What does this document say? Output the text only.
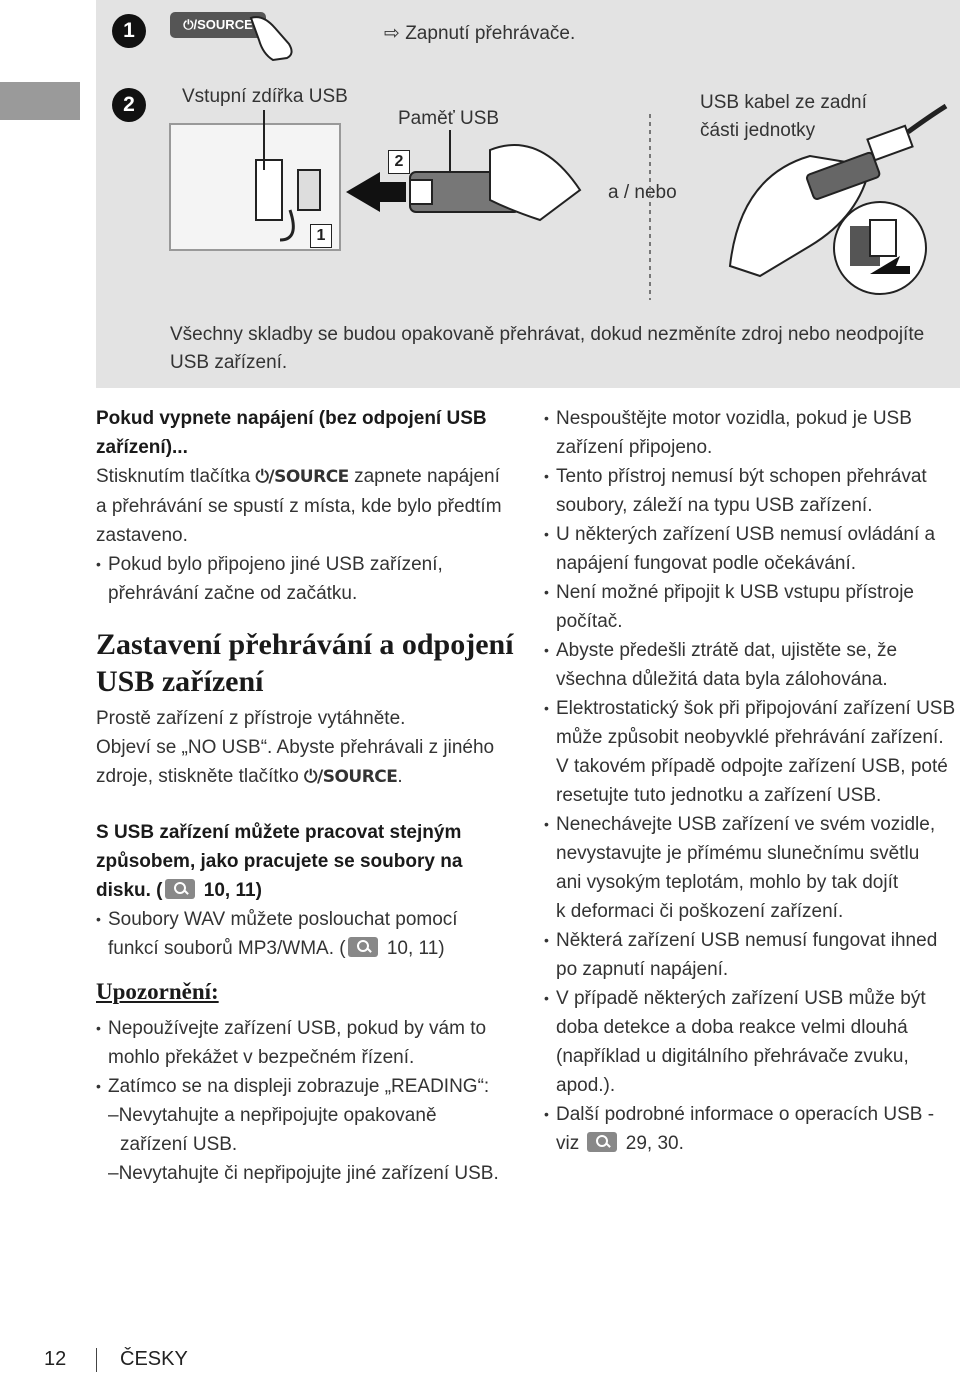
1	⏻/SOURCE	⇨ Zapnutí přehrávače.
2	Vstupní zdířka USB
Paměť USB
a / nebo
USB kabel ze zadní
části jednotky
2
1
Všechny skladby se budou opakovaně přehrávat, dokud nezměníte zdroj nebo neodpojíte
USB zařízení.
Pokud vypnete napájení (bez odpojení USB
zařízení)...
Stisknutím tlačítka ⏻/SOURCE zapnete napájení
a přehrávání se spustí z místa, kde bylo předtím
zastaveno.
• Pokud bylo připojeno jiné USB zařízení,
přehrávání začne od začátku.
Zastavení přehrávání a odpojení
USB zařízení
Prostě zařízení z přístroje vytáhněte.
Objeví se „NO USB“. Abyste přehrávali z jiného
zdroje, stiskněte tlačítko ⏻/SOURCE.
S USB zařízení můžete pracovat stejným
způsobem, jako pracujete se soubory na
disku. ( 10, 11)
• Soubory WAV můžete poslouchat pomocí
funkcí souborů MP3/WMA. ( 10, 11)
Upozornění:
• Nepoužívejte zařízení USB, pokud by vám to
mohlo překážet v bezpečném řízení.
• Zatímco se na displeji zobrazuje „READING“:
–Nevytahujte a nepřipojujte opakovaně
zařízení USB.
–Nevytahujte či nepřipojujte jiné zařízení USB.
• Nespouštějte motor vozidla, pokud je USB
zařízení připojeno.
• Tento přístroj nemusí být schopen přehrávat
soubory, záleží na typu USB zařízení.
• U některých zařízení USB nemusí ovládání a
napájení fungovat podle očekávání.
• Není možné připojit k USB vstupu přístroje
počítač.
• Abyste předešli ztrátě dat, ujistěte se, že
všechna důležitá data byla zálohována.
• Elektrostatický šok při připojování zařízení USB
může způsobit neobyvklé přehrávání zařízení.
V takovém případě odpojte zařízení USB, poté
resetujte tuto jednotku a zařízení USB.
• Nenechávejte USB zařízení ve svém vozidle,
nevystavujte je přímému slunečnímu světlu
ani vysokým teplotám, mohlo by tak dojít
k deformaci či poškození zařízení.
• Některá zařízení USB nemusí fungovat ihned
po zapnutí napájení.
• V případě některých zařízení USB může být
doba detekce a doba reakce velmi dlouhá
(například u digitálního přehrávače zvuku,
apod.).
• Další podrobné informace o operacích USB -
viz  29, 30.
12	ČESKY
